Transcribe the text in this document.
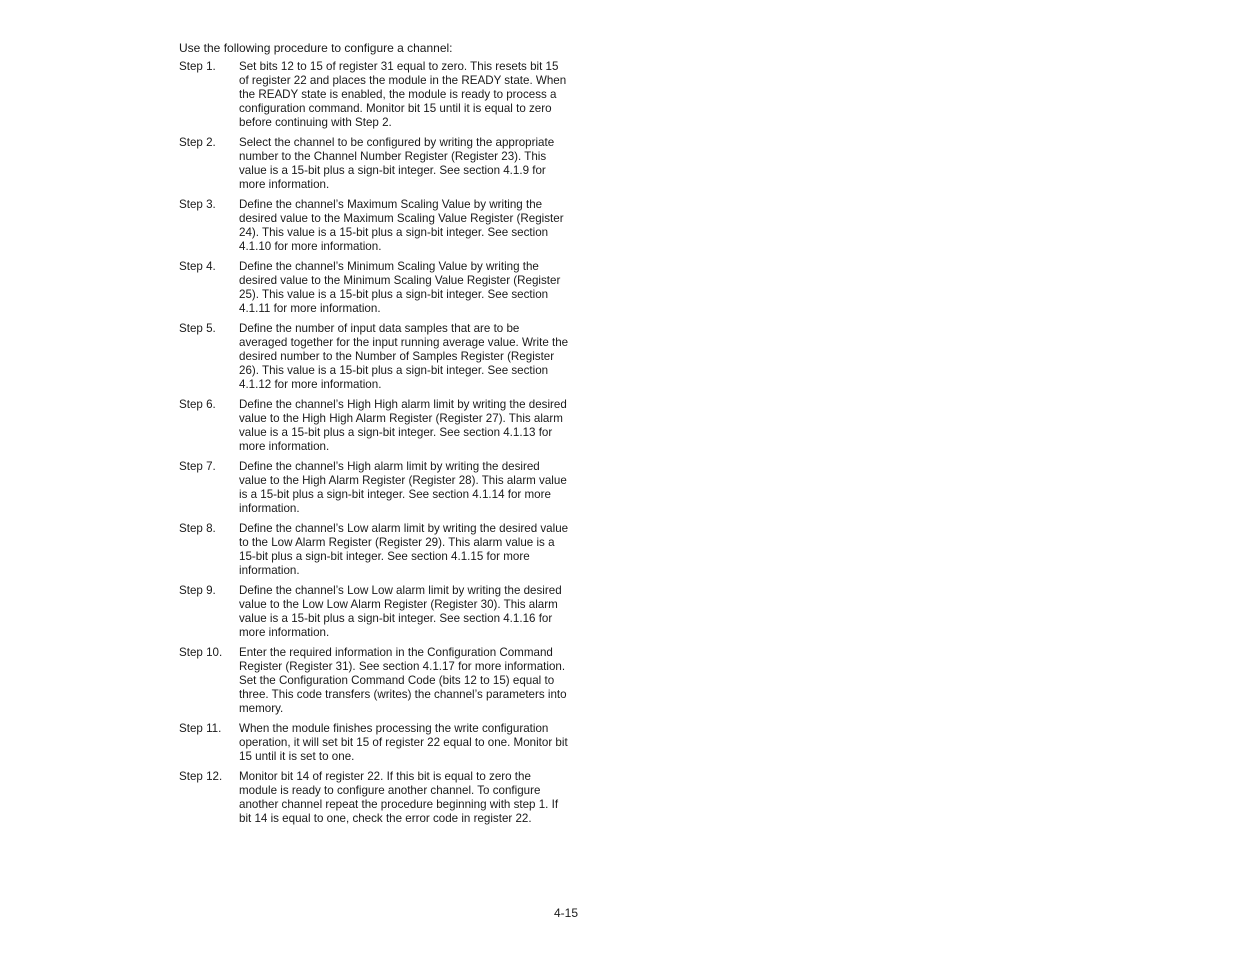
Use the following procedure to configure a channel:
Step 1.	Set bits 12 to 15 of register 31 equal to zero. This resets bit 15 of register 22 and places the module in the READY state. When the READY state is enabled, the module is ready to process a configuration command. Monitor bit 15 until it is equal to zero before continuing with Step 2.
Step 2.	Select the channel to be configured by writing the appropriate number to the Channel Number Register (Register 23). This value is a 15-bit plus a sign-bit integer. See section 4.1.9 for more information.
Step 3.	Define the channel’s Maximum Scaling Value by writing the desired value to the Maximum Scaling Value Register (Register 24). This value is a 15-bit plus a sign-bit integer. See section 4.1.10 for more information.
Step 4.	Define the channel’s Minimum Scaling Value by writing the desired value to the Minimum Scaling Value Register (Register 25). This value is a 15-bit plus a sign-bit integer. See section 4.1.11 for more information.
Step 5.	Define the number of input data samples that are to be averaged together for the input running average value. Write the desired number to the Number of Samples Register (Register 26). This value is a 15-bit plus a sign-bit integer. See section 4.1.12 for more information.
Step 6.	Define the channel’s High High alarm limit by writing the desired value to the High High Alarm Register (Register 27). This alarm value is a 15-bit plus a sign-bit integer. See section 4.1.13 for more information.
Step 7.	Define the channel’s High alarm limit by writing the desired value to the High Alarm Register (Register 28). This alarm value is a 15-bit plus a sign-bit integer. See section 4.1.14 for more information.
Step 8.	Define the channel’s Low alarm limit by writing the desired value to the Low Alarm Register (Register 29). This alarm value is a 15-bit plus a sign-bit integer. See section 4.1.15 for more information.
Step 9.	Define the channel’s Low Low alarm limit by writing the desired value to the Low Low Alarm Register (Register 30). This alarm value is a 15-bit plus a sign-bit integer. See section 4.1.16 for more information.
Step 10.	Enter the required information in the Configuration Command Register (Register 31). See section 4.1.17 for more information. Set the Configuration Command Code (bits 12 to 15) equal to three. This code transfers (writes) the channel’s parameters into memory.
Step 11.	When the module finishes processing the write configuration operation, it will set bit 15 of register 22 equal to one. Monitor bit 15 until it is set to one.
Step 12.	Monitor bit 14 of register 22. If this bit is equal to zero the module is ready to configure another channel. To configure another channel repeat the procedure beginning with step 1. If bit 14 is equal to one, check the error code in register 22.
4-15
